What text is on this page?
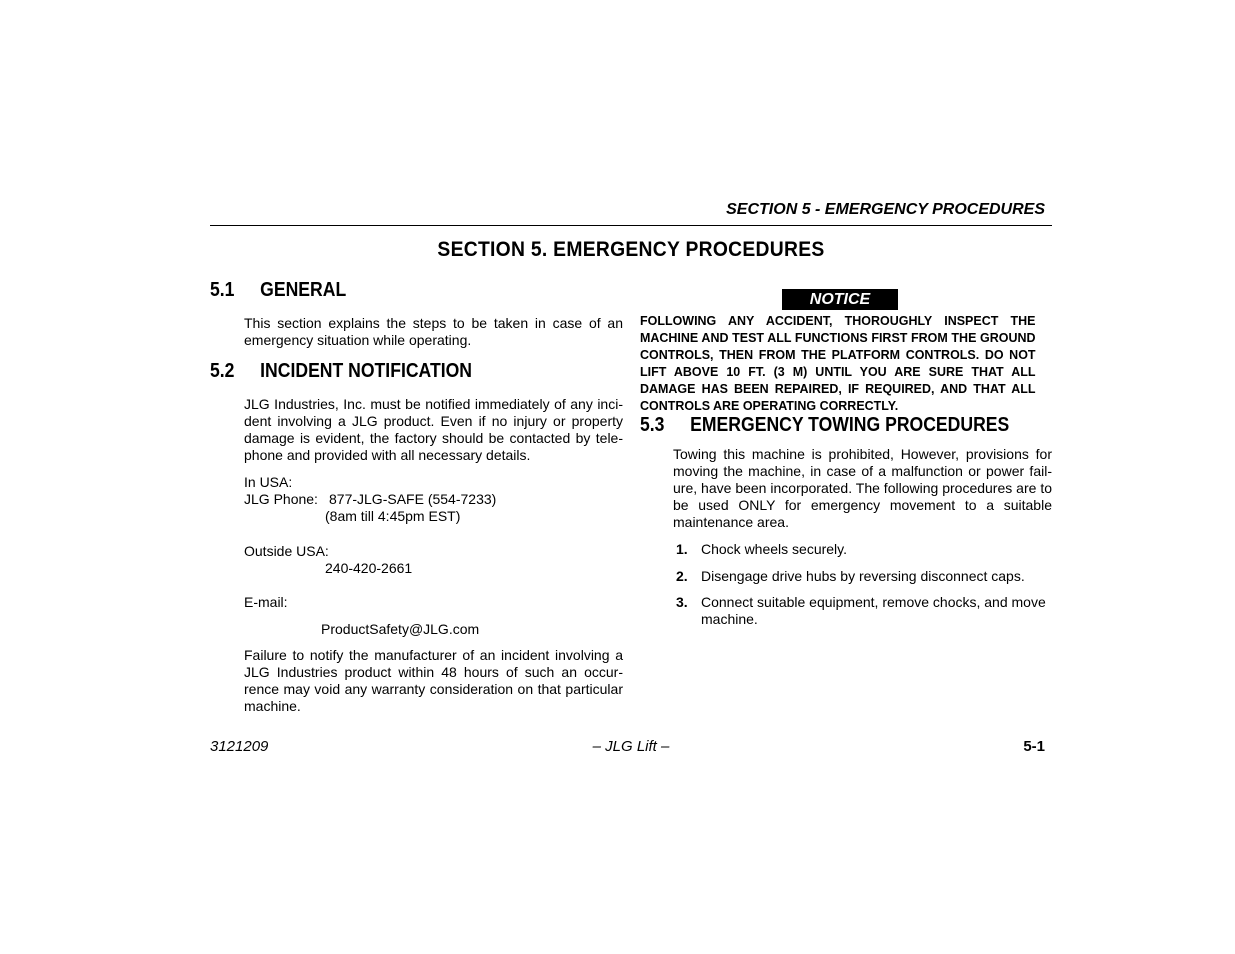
SECTION 5 - EMERGENCY PROCEDURES
SECTION 5. EMERGENCY PROCEDURES
5.1 GENERAL
This section explains the steps to be taken in case of an emergency situation while operating.
5.2 INCIDENT NOTIFICATION
JLG Industries, Inc. must be notified immediately of any inci-dent involving a JLG product. Even if no injury or property damage is evident, the factory should be contacted by tele-phone and provided with all necessary details.
In USA:
JLG Phone: 877-JLG-SAFE (554-7233)
(8am till 4:45pm EST)
Outside USA:
240-420-2661
E-mail:
ProductSafety@JLG.com
Failure to notify the manufacturer of an incident involving a JLG Industries product within 48 hours of such an occur-rence may void any warranty consideration on that particular machine.
NOTICE
FOLLOWING ANY ACCIDENT, THOROUGHLY INSPECT THE MACHINE AND TEST ALL FUNCTIONS FIRST FROM THE GROUND CONTROLS, THEN FROM THE PLATFORM CONTROLS. DO NOT LIFT ABOVE 10 FT. (3 M) UNTIL YOU ARE SURE THAT ALL DAMAGE HAS BEEN REPAIRED, IF REQUIRED, AND THAT ALL CONTROLS ARE OPERATING CORRECTLY.
5.3 EMERGENCY TOWING PROCEDURES
Towing this machine is prohibited, However, provisions for moving the machine, in case of a malfunction or power fail-ure, have been incorporated. The following procedures are to be used ONLY for emergency movement to a suitable maintenance area.
1. Chock wheels securely.
2. Disengage drive hubs by reversing disconnect caps.
3. Connect suitable equipment, remove chocks, and move machine.
3121209	– JLG Lift –	5-1
